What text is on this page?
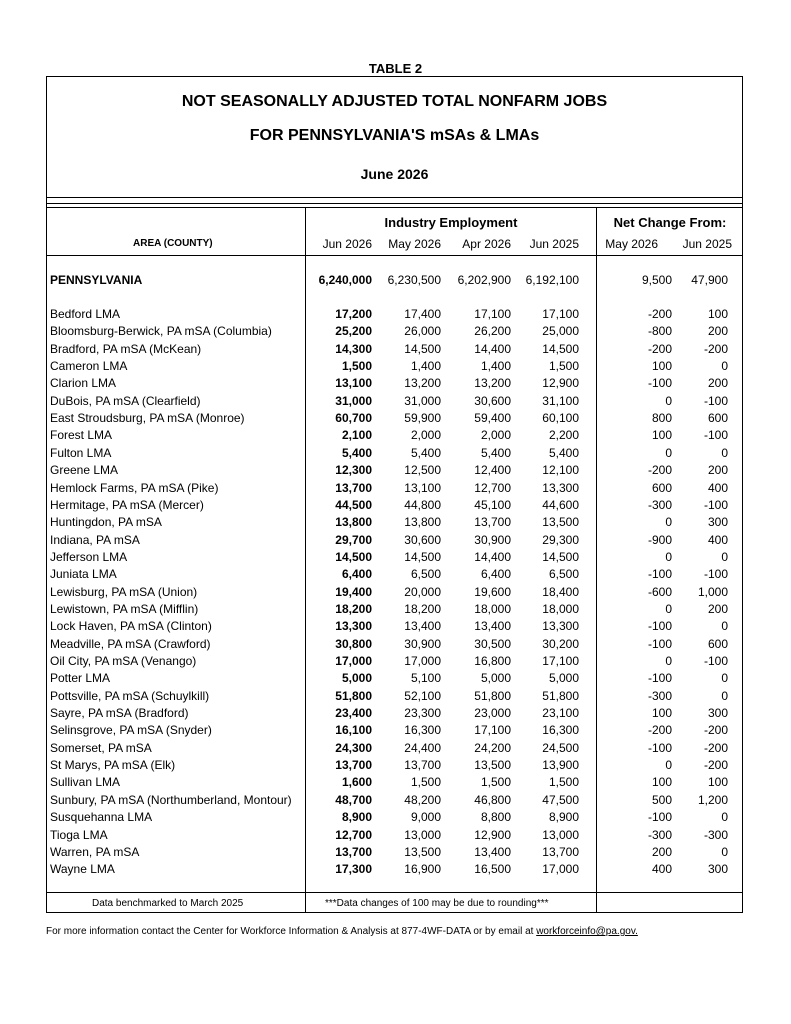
TABLE 2
NOT SEASONALLY ADJUSTED TOTAL NONFARM JOBS
FOR PENNSYLVANIA'S mSAs & LMAs
June 2026
Industry Employment	Net Change From:
AREA (COUNTY)	Jun 2026 May 2026 Apr 2026 Jun 2025 May 2026 Jun 2025
PENNSYLVANIA	6,240,000 6,230,500 6,202,900 6,192,100	9,500 47,900
Bedford LMA	17,200	17,400	17,100	17,100	-200	100
Bloomsburg-Berwick, PA mSA (Columbia)	25,200	26,000	26,200	25,000	-800	200
Bradford, PA mSA (McKean)	14,300	14,500	14,400	14,500	-200	-200
Cameron LMA	1,500	1,400	1,400	1,500	100	0
Clarion LMA	13,100	13,200	13,200	12,900	-100	200
DuBois, PA mSA (Clearfield)	31,000	31,000	30,600	31,100	0	-100
East Stroudsburg, PA mSA (Monroe)	60,700	59,900	59,400	60,100	800	600
Forest LMA	2,100	2,000	2,000	2,200	100	-100
Fulton LMA	5,400	5,400	5,400	5,400	0	0
Greene LMA	12,300	12,500	12,400	12,100	-200	200
Hemlock Farms, PA mSA (Pike)	13,700	13,100	12,700	13,300	600	400
Hermitage, PA mSA (Mercer)	44,500	44,800	45,100	44,600	-300	-100
Huntingdon, PA mSA	13,800	13,800	13,700	13,500	0	300
Indiana, PA mSA	29,700	30,600	30,900	29,300	-900	400
Jefferson LMA	14,500	14,500	14,400	14,500	0	0
Juniata LMA	6,400	6,500	6,400	6,500	-100	-100
Lewisburg, PA mSA (Union)	19,400	20,000	19,600	18,400	-600 1,000
Lewistown, PA mSA (Mifflin)	18,200	18,200	18,000	18,000	0	200
Lock Haven, PA mSA (Clinton)	13,300	13,400	13,400	13,300	-100	0
Meadville, PA mSA (Crawford)	30,800	30,900	30,500	30,200	-100	600
Oil City, PA mSA (Venango)	17,000	17,000	16,800	17,100	0	-100
Potter LMA	5,000	5,100	5,000	5,000	-100	0
Pottsville, PA mSA (Schuylkill)	51,800	52,100	51,800	51,800	-300	0
Sayre, PA mSA (Bradford)	23,400	23,300	23,000	23,100	100	300
Selinsgrove, PA mSA (Snyder)	16,100	16,300	17,100	16,300	-200	-200
Somerset, PA mSA	24,300	24,400	24,200	24,500	-100	-200
St Marys, PA mSA (Elk)	13,700	13,700	13,500	13,900	0	-200
Sullivan LMA	1,600	1,500	1,500	1,500	100	100
Sunbury, PA mSA (Northumberland, Montour)	48,700	48,200	46,800	47,500	500 1,200
Susquehanna LMA	8,900	9,000	8,800	8,900	-100	0
Tioga LMA	12,700	13,000	12,900	13,000	-300	-300
Warren, PA mSA	13,700	13,500	13,400	13,700	200	0
Wayne LMA	17,300	16,900	16,500	17,000	400	300
Data benchmarked to March 2025	***Data changes of 100 may be due to rounding***
For more information contact the Center for Workforce Information & Analysis at 877-4WF-DATA or by email at workforceinfo@pa.gov.
